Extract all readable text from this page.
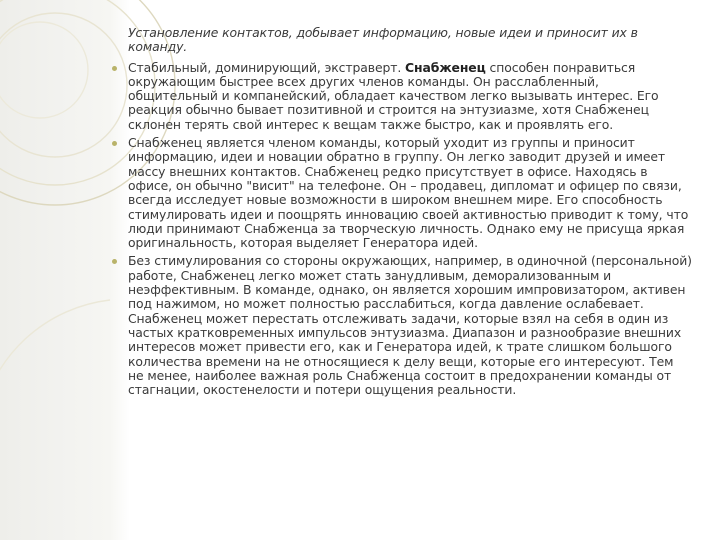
Установление контактов, добывает информацию, новые идеи и приносит их в команду.

Стабильный, доминирующий, экстраверт. Снабженец способен понравиться окружающим быстрее всех других членов команды. Он расслабленный, общительный и компанейский, обладает качеством легко вызывать интерес. Его реакция обычно бывает позитивной и строится на энтузиазме, хотя Снабженец склонен терять свой интерес к вещам также быстро, как и проявлять его.

Снабженец является членом команды, который уходит из группы и приносит информацию, идеи и новации обратно в группу. Он легко заводит друзей и имеет массу внешних контактов. Снабженец редко присутствует в офисе. Находясь в офисе, он обычно "висит" на телефоне. Он – продавец, дипломат и офицер по связи, всегда исследует новые возможности в широком внешнем мире. Его способность стимулировать идеи и поощрять инновацию своей активностью приводит к тому, что люди принимают Снабженца за творческую личность. Однако ему не присуща яркая оригинальность, которая выделяет Генератора идей.

Без стимулирования со стороны окружающих, например, в одиночной (персональной) работе, Снабженец легко может стать занудливым, деморализованным и неэффективным. В команде, однако, он является хорошим импровизатором, активен под нажимом, но может полностью расслабиться, когда давление ослабевает. Снабженец может перестать отслеживать задачи, которые взял на себя в один из частых кратковременных импульсов энтузиазма. Диапазон и разнообразие внешних интересов может привести его, как и Генератора идей, к трате слишком большого количества времени на не относящиеся к делу вещи, которые его интересуют. Тем не менее, наиболее важная роль Снабженца состоит в предохранении команды от стагнации, окостенелости и потери ощущения реальности.
